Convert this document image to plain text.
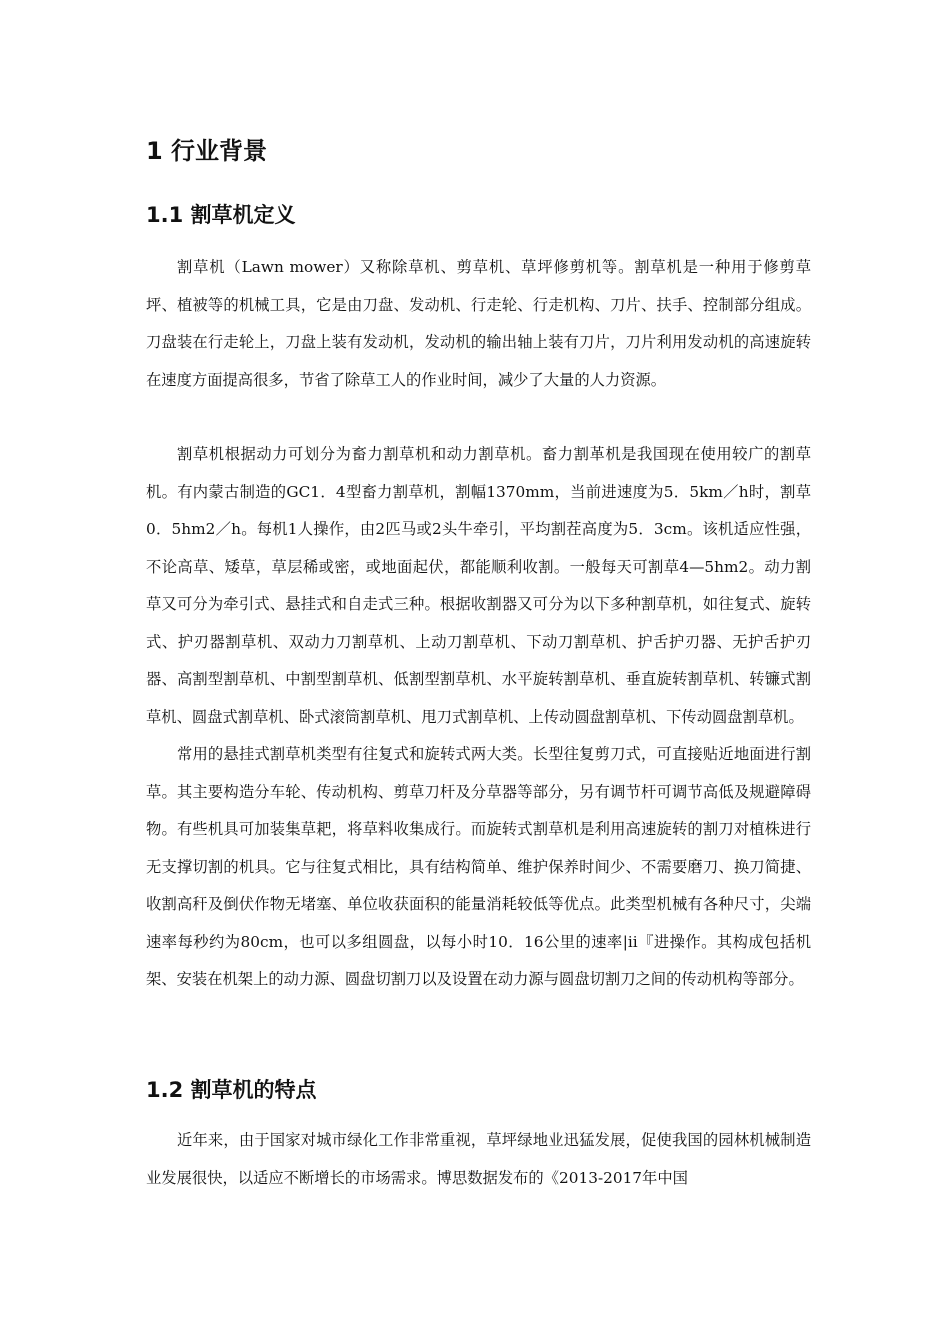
1 行业背景
1.1 割草机定义

割草机（Lawn mower）又称除草机、剪草机、草坪修剪机等。割草机是一种用于修剪草坪、植被等的机械工具，它是由刀盘、发动机、行走轮、行走机构、刀片、扶手、控制部分组成。刀盘装在行走轮上，刀盘上装有发动机，发动机的输出轴上装有刀片，刀片利用发动机的高速旋转在速度方面提高很多，节省了除草工人的作业时间，减少了大量的人力资源。

割草机根据动力可划分为畜力割草机和动力割草机。畜力割革机是我国现在使用较广的割草机。有内蒙古制造的GC1．4型畜力割草机，割幅1370mm，当前进速度为5．5km／h时，割草0．5hm2／h。每机1人操作，由2匹马或2头牛牵引，平均割茬高度为5．3cm。该机适应性强，不论高草、矮草，草层稀或密，或地面起伏，都能顺利收割。一般每天可割草4—5hm2。动力割草又可分为牵引式、悬挂式和自走式三种。根据收割器又可分为以下多种割草机，如往复式、旋转式、护刃器割草机、双动力刀割草机、上动刀割草机、下动刀割草机、护舌护刃器、无护舌护刃器、高割型割草机、中割型割草机、低割型割草机、水平旋转割草机、垂直旋转割草机、转镰式割草机、圆盘式割草机、卧式滚筒割草机、甩刀式割草机、上传动圆盘割草机、下传动圆盘割草机。

常用的悬挂式割草机类型有往复式和旋转式两大类。长型往复剪刀式，可直接贴近地面进行割草。其主要构造分车轮、传动机构、剪草刀杆及分草器等部分，另有调节杆可调节高低及规避障碍物。有些机具可加装集草耙，将草料收集成行。而旋转式割草机是利用高速旋转的割刀对植株进行无支撑切割的机具。它与往复式相比，具有结构简单、维护保养时间少、不需要磨刀、换刀简捷、收割高秆及倒伏作物无堵塞、单位收获面积的能量消耗较低等优点。此类型机械有各种尺寸，尖端速率每秒约为80cm，也可以多组圆盘，以每小时10．16公里的速率|ii『进操作。其构成包括机架、安装在机架上的动力源、圆盘切割刀以及设置在动力源与圆盘切割刀之间的传动机构等部分。

1.2 割草机的特点

近年来，由于国家对城市绿化工作非常重视，草坪绿地业迅猛发展，促使我国的园林机械制造业发展很快，以适应不断增长的市场需求。博思数据发布的《2013-2017年中国
